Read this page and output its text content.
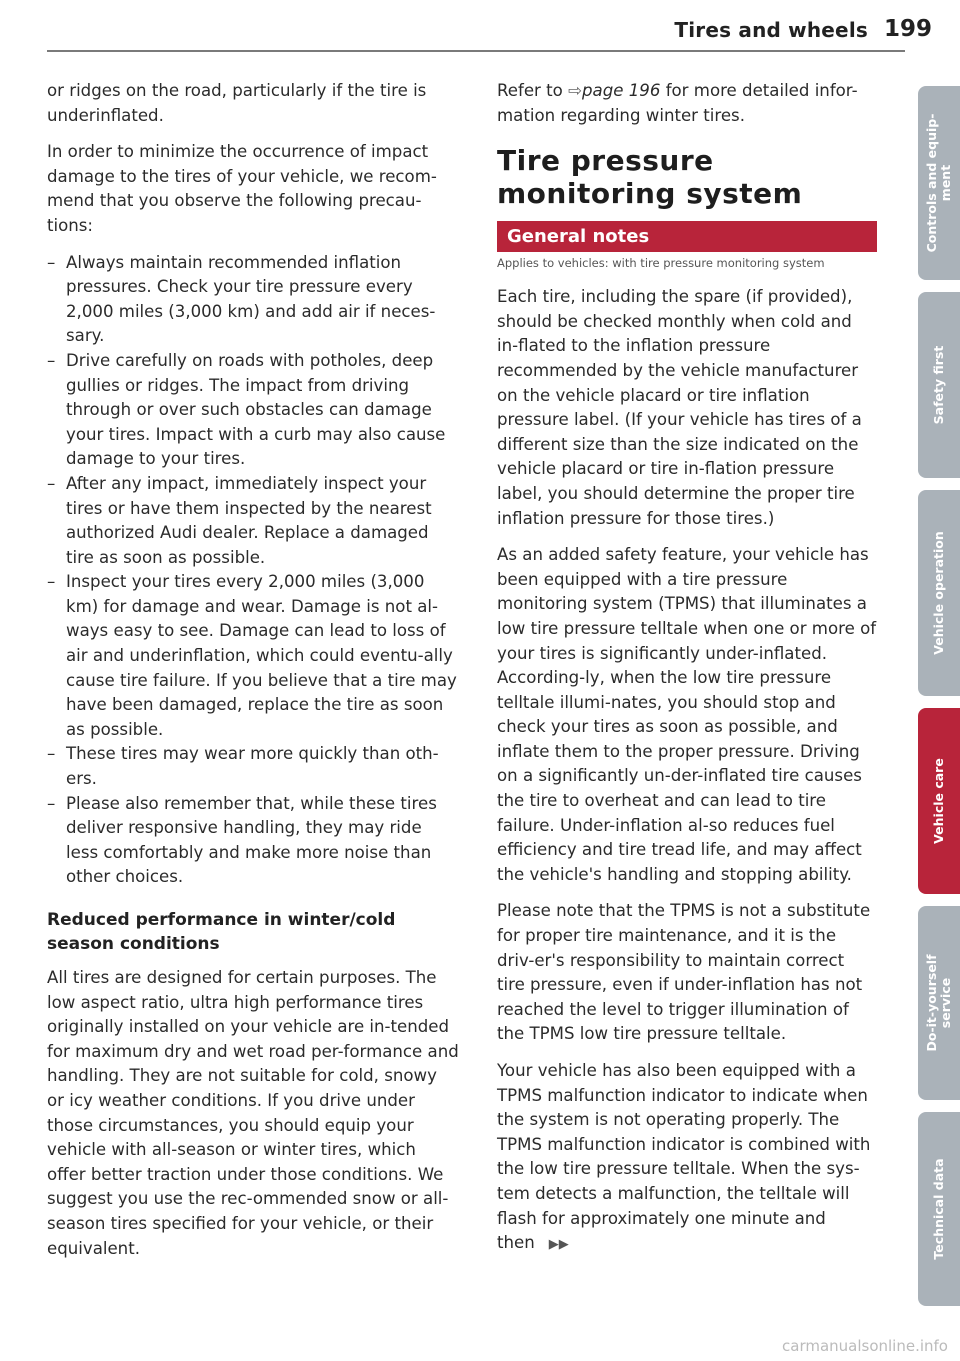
Tires and wheels 199

or ridges on the road, particularly if the tire is
underinflated.

In order to minimize the occurrence of impact damage to the tires of your vehicle, we recom-mend that you observe the following precau-tions:

– Always maintain recommended inflation pressures. Check your tire pressure every 2,000 miles (3,000 km) and add air if neces-sary.
– Drive carefully on roads with potholes, deep gullies or ridges. The impact from driving through or over such obstacles can damage your tires. Impact with a curb may also cause damage to your tires.
– After any impact, immediately inspect your tires or have them inspected by the nearest authorized Audi dealer. Replace a damaged tire as soon as possible.
– Inspect your tires every 2,000 miles (3,000 km) for damage and wear. Damage is not al-ways easy to see. Damage can lead to loss of air and underinflation, which could eventu-ally cause tire failure. If you believe that a tire may have been damaged, replace the tire as soon as possible.
– These tires may wear more quickly than oth-ers.
– Please also remember that, while these tires deliver responsive handling, they may ride less comfortably and make more noise than other choices.
Reduced performance in winter/cold season conditions

All tires are designed for certain purposes. The low aspect ratio, ultra high performance tires originally installed on your vehicle are in-tended for maximum dry and wet road per-formance and handling. They are not suitable for cold, snowy or icy weather conditions. If you drive under those circumstances, you should equip your vehicle with all-season or winter tires, which offer better traction under those conditions. We suggest you use the rec-ommended snow or all-season tires specified for your vehicle, or their equivalent.

Refer to ⇨page 196 for more detailed infor-mation regarding winter tires.

Tire pressure monitoring system
General notes
Applies to vehicles: with tire pressure monitoring system

Each tire, including the spare (if provided), should be checked monthly when cold and in-flated to the inflation pressure recommended by the vehicle manufacturer on the vehicle placard or tire inflation pressure label. (If your vehicle has tires of a different size than the size indicated on the vehicle placard or tire in-flation pressure label, you should determine the proper tire inflation pressure for those tires.)

As an added safety feature, your vehicle has been equipped with a tire pressure monitoring system (TPMS) that illuminates a low tire pressure telltale when one or more of your tires is significantly under-inflated. According-ly, when the low tire pressure telltale illumi-nates, you should stop and check your tires as soon as possible, and inflate them to the proper pressure. Driving on a significantly un-der-inflated tire causes the tire to overheat and can lead to tire failure. Under-inflation al-so reduces fuel efficiency and tire tread life, and may affect the vehicle's handling and stopping ability.

Please note that the TPMS is not a substitute for proper tire maintenance, and it is the driv-er's responsibility to maintain correct tire pressure, even if under-inflation has not reached the level to trigger illumination of the TPMS low tire pressure telltale.

Your vehicle has also been equipped with a TPMS malfunction indicator to indicate when the system is not operating properly. The TPMS malfunction indicator is combined with the low tire pressure telltale. When the sys-tem detects a malfunction, the telltale will flash for approximately one minute and then ▶▶

Controls and equip-
ment
Safety first
Vehicle operation
Vehicle care
Do-it-yourself
service
Technical data
carmanualsonline.info
